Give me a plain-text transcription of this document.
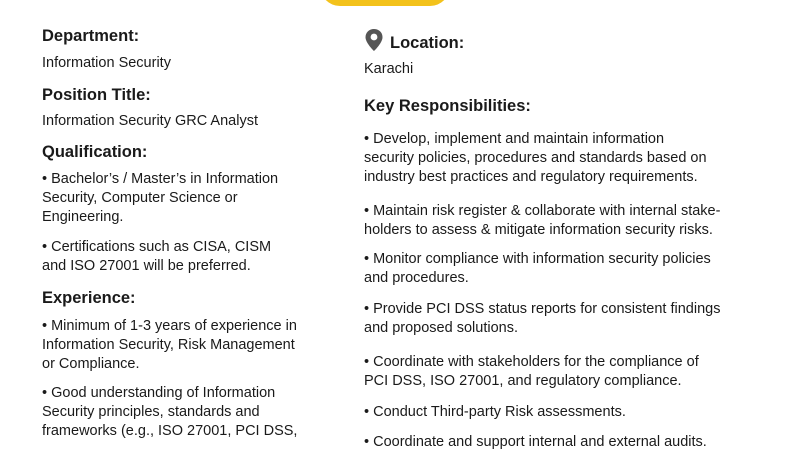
Department:
Information Security
Position Title:
Information Security GRC Analyst
Qualification:
• Bachelor’s / Master’s in Information
Security, Computer Science or
Engineering.
• Certifications such as CISA, CISM
and ISO 27001 will be preferred.
Experience:
• Minimum of 1-3 years of experience in
Information Security, Risk Management
or Compliance.
• Good understanding of Information
Security principles, standards and
frameworks (e.g., ISO 27001, PCI DSS,
Location:
Karachi
Key Responsibilities:
• Develop, implement and maintain information
security policies, procedures and standards based on
industry best practices and regulatory requirements.
• Maintain risk register & collaborate with internal stake-
holders to assess & mitigate information security risks.
• Monitor compliance with information security policies
and procedures.
• Provide PCI DSS status reports for consistent findings
and proposed solutions.
• Coordinate with stakeholders for the compliance of
PCI DSS, ISO 27001, and regulatory compliance.
• Conduct Third-party Risk assessments.
• Coordinate and support internal and external audits.
